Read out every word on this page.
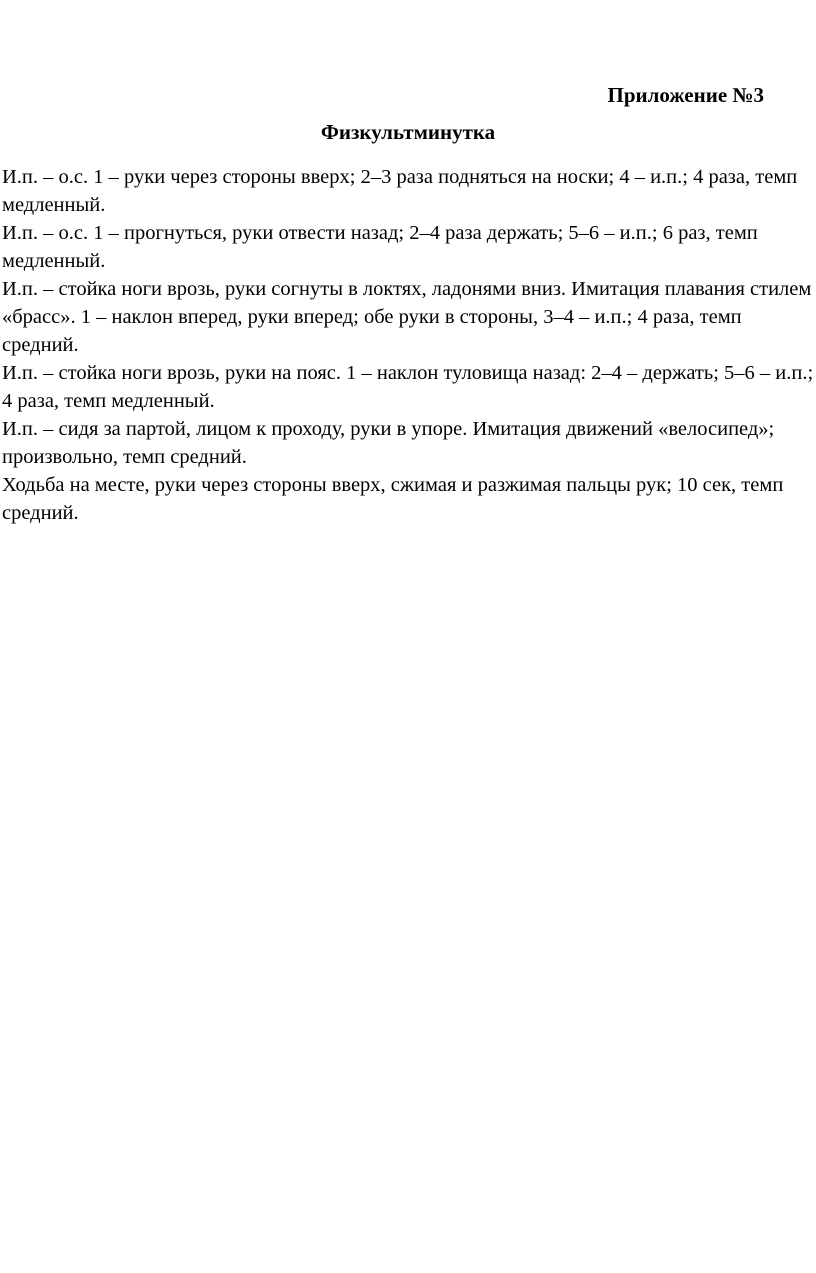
Приложение №3

Физкультминутка

И.п. – о.с. 1 – руки через стороны вверх; 2–3 раза подняться на носки; 4 – и.п.; 4 раза, темп медленный.

И.п. – о.с. 1 – прогнуться, руки отвести назад; 2–4 раза держать; 5–6 – и.п.; 6 раз, темп медленный.

И.п. – стойка ноги врозь, руки согнуты в локтях, ладонями вниз. Имитация плавания стилем «брасс». 1 – наклон вперед, руки вперед; обе руки в стороны, 3–4 – и.п.; 4 раза, темп средний.

И.п. – стойка ноги врозь, руки на пояс. 1 – наклон туловища назад: 2–4 – держать; 5–6 – и.п.; 4 раза, темп медленный.

И.п. – сидя за партой, лицом к проходу, руки в упоре. Имитация движений «велосипед»; произвольно, темп средний.

Ходьба на месте, руки через стороны вверх, сжимая и разжимая пальцы рук; 10 сек, темп средний.
